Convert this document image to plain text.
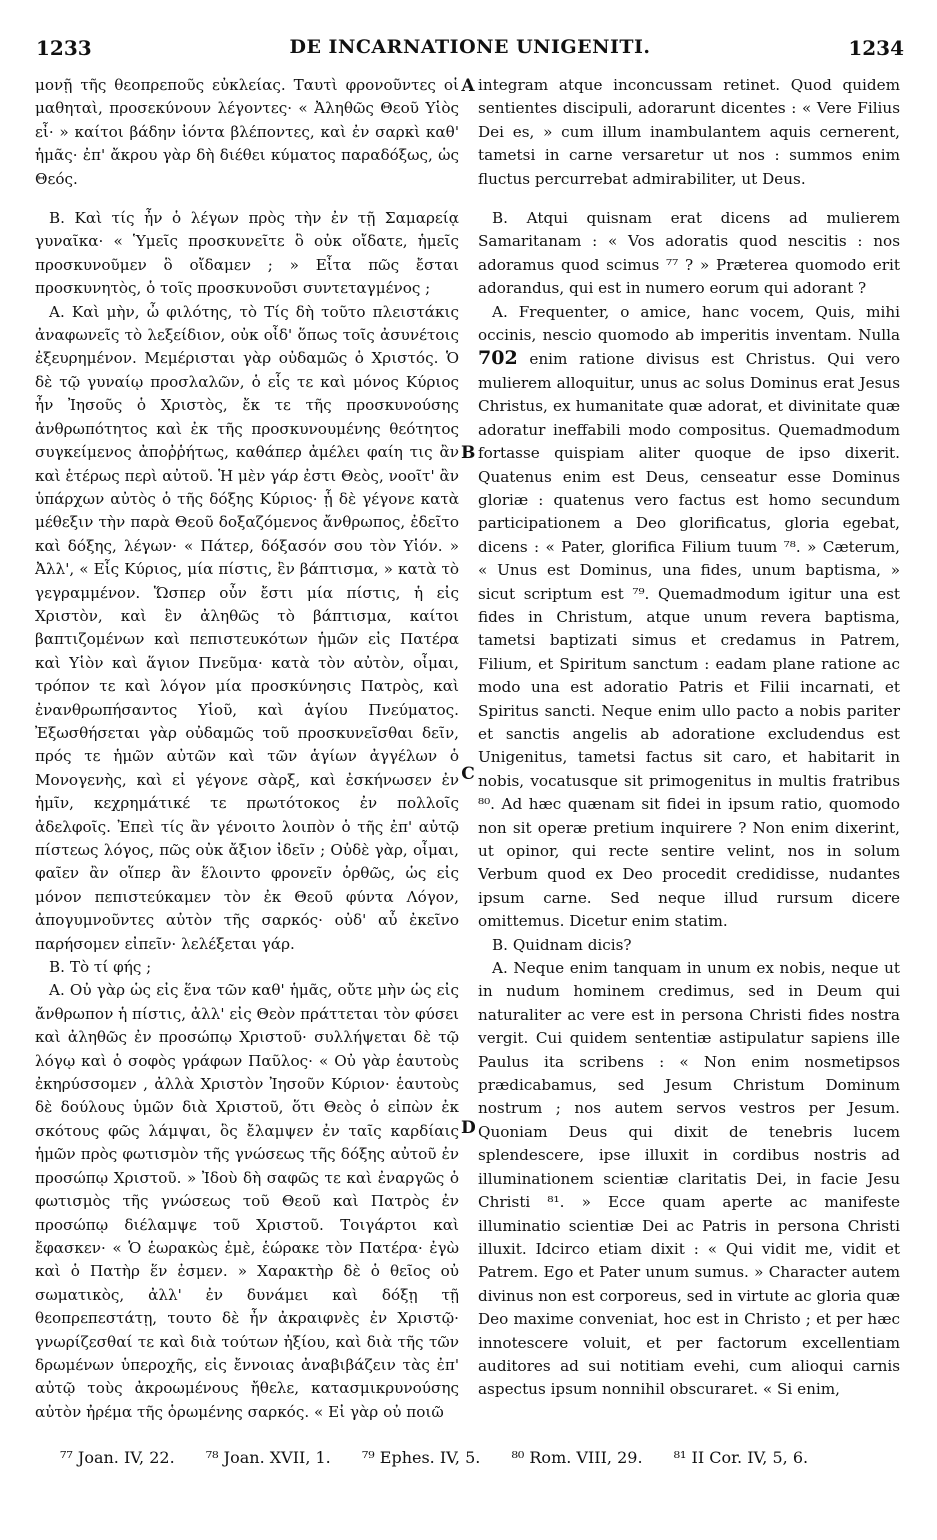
1233	DE INCARNATIONE UNIGENITI.	1234

μονῇ τῆς θεοπρεποῦς εὐκλείας. Ταυτὶ φρονοῦντες οἱ μαθηταὶ, προσεκύνουν λέγοντες· « Ἀληθῶς Θεοῦ Υἱὸς εἶ· » καίτοι βάδην ἰόντα βλέποντες, καὶ ἐν σαρκὶ καθ' ἡμᾶς· ἐπ' ἄκρου γὰρ δὴ διέθει κύματος παραδόξως, ὡς Θεός.

Β. Καὶ τίς ἦν ὁ λέγων πρὸς τὴν ἐν τῇ Σαμαρείᾳ γυναῖκα· « Ὑμεῖς προσκυνεῖτε ὃ οὐκ οἴδατε, ἡμεῖς προσκυνοῦμεν ὃ οἴδαμεν ; » Εἶτα πῶς ἔσται προσκυνητὸς, ὁ τοῖς προσκυνοῦσι συντεταγμένος ;

Α. Καὶ μὴν, ὦ φιλότης, τὸ Τίς δὴ τοῦτο πλειστάκις ἀναφωνεῖς τὸ λεξείδιον, οὐκ οἶδ' ὅπως τοῖς ἀσυνέτοις ἐξευρημένον. Μεμέρισται γὰρ οὐδαμῶς ὁ Χριστός. Ὁ δὲ τῷ γυναίῳ προσλαλῶν, ὁ εἷς τε καὶ μόνος Κύριος ἦν Ἰησοῦς ὁ Χριστὸς, ἔκ τε τῆς προσκυνούσης ἀνθρωπότητος καὶ ἐκ τῆς προσκυνουμένης θεότητος συγκείμενος ἀποῤῥήτως, καθάπερ ἀμέλει φαίη τις ἂν καὶ ἑτέρως περὶ αὐτοῦ. Ἡ μὲν γάρ ἐστι Θεὸς, νοοῖτ' ἂν ὑπάρχων αὐτὸς ὁ τῆς δόξης Κύριος· ᾗ δὲ γέγονε κατὰ μέθεξιν τὴν παρὰ Θεοῦ δοξαζόμενος ἄνθρωπος, ἐδεῖτο καὶ δόξης, λέγων· « Πάτερ, δόξασόν σου τὸν Υἱόν. » Ἀλλ', « Εἷς Κύριος, μία πίστις, ἓν βάπτισμα, » κατὰ τὸ γεγραμμένον. Ὥσπερ οὖν ἔστι μία πίστις, ἡ εἰς Χριστὸν, καὶ ἓν ἀληθῶς τὸ βάπτισμα, καίτοι βαπτιζομένων καὶ πεπιστευκότων ἡμῶν εἰς Πατέρα καὶ Υἱὸν καὶ ἅγιον Πνεῦμα· κατὰ τὸν αὐτὸν, οἶμαι, τρόπον τε καὶ λόγον μία προσκύνησις Πατρὸς, καὶ ἐνανθρωπήσαντος Υἱοῦ, καὶ ἁγίου Πνεύματος. Ἐξωσθήσεται γὰρ οὐδαμῶς τοῦ προσκυνεῖσθαι δεῖν, πρός τε ἡμῶν αὐτῶν καὶ τῶν ἁγίων ἀγγέλων ὁ Μονογενὴς, καὶ εἰ γέγονε σὰρξ, καὶ ἐσκήνωσεν ἐν ἡμῖν, κεχρημάτικέ τε πρωτότοκος ἐν πολλοῖς ἀδελφοῖς. Ἐπεὶ τίς ἂν γένοιτο λοιπὸν ὁ τῆς ἐπ' αὐτῷ πίστεως λόγος, πῶς οὐκ ἄξιον ἰδεῖν ; Οὐδὲ γὰρ, οἶμαι, φαῖεν ἂν οἵπερ ἂν ἕλοιντο φρονεῖν ὀρθῶς, ὡς εἰς μόνον πεπιστεύκαμεν τὸν ἐκ Θεοῦ φύντα Λόγον, ἀπογυμνοῦντες αὐτὸν τῆς σαρκός· οὐδ' αὖ ἐκεῖνο παρήσομεν εἰπεῖν· λελέξεται γάρ.

Β. Τὸ τί φής ;

Α. Οὐ γὰρ ὡς εἰς ἕνα τῶν καθ' ἡμᾶς, οὔτε μὴν ὡς εἰς ἄνθρωπον ἡ πίστις, ἀλλ' εἰς Θεὸν πράττεται τὸν φύσει καὶ ἀληθῶς ἐν προσώπῳ Χριστοῦ· συλλήψεται δὲ τῷ λόγῳ καὶ ὁ σοφὸς γράφων Παῦλος· « Οὐ γὰρ ἑαυτοὺς ἐκηρύσσομεν , ἀλλὰ Χριστὸν Ἰησοῦν Κύριον· ἑαυτοὺς δὲ δούλους ὑμῶν διὰ Χριστοῦ, ὅτι Θεὸς ὁ εἰπὼν ἐκ σκότους φῶς λάμψαι, ὃς ἔλαμψεν ἐν ταῖς καρδίαις ἡμῶν πρὸς φωτισμὸν τῆς γνώσεως τῆς δόξης αὐτοῦ ἐν προσώπῳ Χριστοῦ. » Ἰδοὺ δὴ σαφῶς τε καὶ ἐναργῶς ὁ φωτισμὸς τῆς γνώσεως τοῦ Θεοῦ καὶ Πατρὸς ἐν προσώπῳ διέλαμψε τοῦ Χριστοῦ. Τοιγάρτοι καὶ ἔφασκεν· « Ὁ ἑωρακὼς ἐμὲ, ἑώρακε τὸν Πατέρα· ἐγὼ καὶ ὁ Πατὴρ ἕν ἐσμεν. » Χαρακτὴρ δὲ ὁ θεῖος οὐ σωματικὸς, ἀλλ' ἐν δυνάμει καὶ δόξῃ τῇ θεοπρεπεστάτῃ, τουτο δὲ ἦν ἀκραιφνὲς ἐν Χριστῷ· γνωρίζεσθαί τε καὶ διὰ τούτων ἠξίου, καὶ διὰ τῆς τῶν δρωμένων ὑπεροχῆς, εἰς ἔννοιας ἀναβιβάζειν τὰς ἐπ' αὐτῷ τοὺς ἀκροωμένους ἤθελε, κατασμικρυνούσης αὐτὸν ἠρέμα τῆς ὁρωμένης σαρκός. « Εἰ γὰρ οὐ ποιῶ

A
B
C
D

integram atque inconcussam retinet. Quod quidem sentientes discipuli, adorarunt dicentes : « Vere Filius Dei es, » cum illum inambulantem aquis cernerent, tametsi in carne versaretur ut nos : summos enim fluctus percurrebat admirabiliter, ut Deus.

B. Atqui quisnam erat dicens ad mulierem Samaritanam : « Vos adoratis quod nescitis : nos adoramus quod scimus ⁷⁷ ? » Præterea quomodo erit adorandus, qui est in numero eorum qui adorant ?

A. Frequenter, o amice, hanc vocem, Quis, mihi occinis, nescio quomodo ab imperitis inventam. Nulla 702 enim ratione divisus est Christus. Qui vero mulierem alloquitur, unus ac solus Dominus erat Jesus Christus, ex humanitate quæ adorat, et divinitate quæ adoratur ineffabili modo compositus. Quemadmodum fortasse quispiam aliter quoque de ipso dixerit. Quatenus enim est Deus, censeatur esse Dominus gloriæ : quatenus vero factus est homo secundum participationem a Deo glorificatus, gloria egebat, dicens : « Pater, glorifica Filium tuum ⁷⁸. » Cæterum, « Unus est Dominus, una fides, unum baptisma, » sicut scriptum est ⁷⁹. Quemadmodum igitur una est fides in Christum, atque unum revera baptisma, tametsi baptizati simus et credamus in Patrem, Filium, et Spiritum sanctum : eadam plane ratione ac modo una est adoratio Patris et Filii incarnati, et Spiritus sancti. Neque enim ullo pacto a nobis pariter et sanctis angelis ab adoratione excludendus est Unigenitus, tametsi factus sit caro, et habitarit in nobis, vocatusque sit primogenitus in multis fratribus ⁸⁰. Ad hæc quænam sit fidei in ipsum ratio, quomodo non sit operæ pretium inquirere ? Non enim dixerint, ut opinor, qui recte sentire velint, nos in solum Verbum quod ex Deo procedit credidisse, nudantes ipsum carne. Sed neque illud rursum dicere omittemus. Dicetur enim statim.

B. Quidnam dicis?

A. Neque enim tanquam in unum ex nobis, neque ut in nudum hominem credimus, sed in Deum qui naturaliter ac vere est in persona Christi fides nostra vergit. Cui quidem sententiæ astipulatur sapiens ille Paulus ita scribens : « Non enim nosmetipsos prædicabamus, sed Jesum Christum Dominum nostrum ; nos autem servos vestros per Jesum. Quoniam Deus qui dixit de tenebris lucem splendescere, ipse illuxit in cordibus nostris ad illuminationem scientiæ claritatis Dei, in facie Jesu Christi ⁸¹. » Ecce quam aperte ac manifeste illuminatio scientiæ Dei ac Patris in persona Christi illuxit. Idcirco etiam dixit : « Qui vidit me, vidit et Patrem. Ego et Pater unum sumus. » Character autem divinus non est corporeus, sed in virtute ac gloria quæ Deo maxime conveniat, hoc est in Christo ; et per hæc innotescere voluit, et per factorum excellentiam auditores ad sui notitiam evehi, cum alioqui carnis aspectus ipsum nonnihil obscuraret. « Si enim,

⁷⁷ Joan. IV, 22. ⁷⁸ Joan. XVII, 1. ⁷⁹ Ephes. IV, 5. ⁸⁰ Rom. VIII, 29. ⁸¹ II Cor. IV, 5, 6.
